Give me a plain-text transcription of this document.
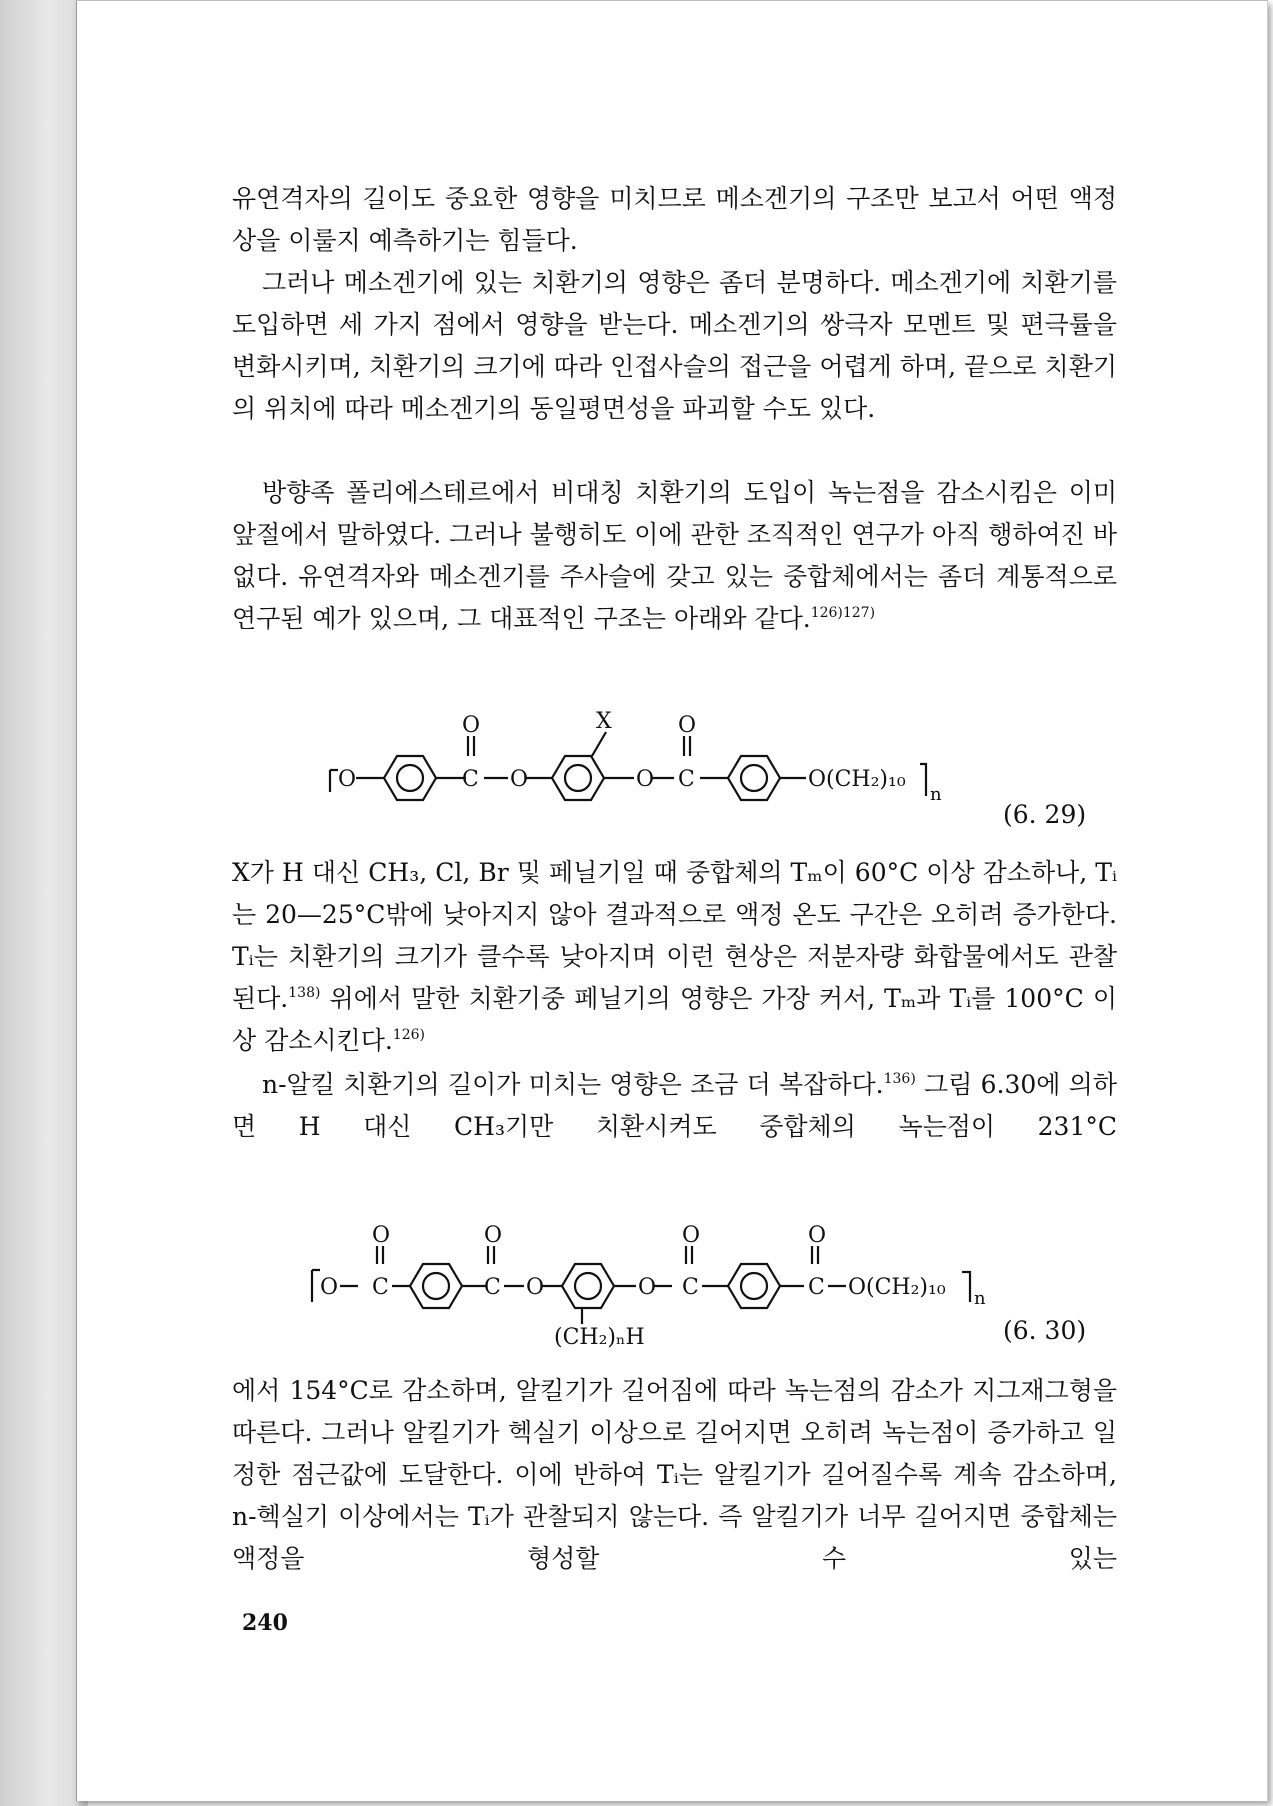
유연격자의 길이도 중요한 영향을 미치므로 메소겐기의 구조만 보고서 어떤 액정상을 이룰지 예측하기는 힘들다.

그러나 메소겐기에 있는 치환기의 영향은 좀더 분명하다. 메소겐기에 치환기를 도입하면 세 가지 점에서 영향을 받는다. 메소겐기의 쌍극자 모멘트 및 편극률을 변화시키며, 치환기의 크기에 따라 인접사슬의 접근을 어렵게 하며, 끝으로 치환기의 위치에 따라 메소겐기의 동일평면성을 파괴할 수도 있다.

방향족 폴리에스테르에서 비대칭 치환기의 도입이 녹는점을 감소시킴은 이미 앞절에서 말하였다. 그러나 불행히도 이에 관한 조직적인 연구가 아직 행하여진 바 없다. 유연격자와 메소겐기를 주사슬에 갖고 있는 중합체에서는 좀더 계통적으로 연구된 예가 있으며, 그 대표적인 구조는 아래와 같다.$^{126)127)}$

O	C
O
O
X
O C
O
O (CH₂)₁₀
n
(6. 29)

X가 H 대신 CH₃, Cl, Br 및 페닐기일 때 중합체의 Tₘ이 60°C 이상 감소하나, Tᵢ는 20—25°C밖에 낮아지지 않아 결과적으로 액정 온도 구간은 오히려 증가한다. Tᵢ는 치환기의 크기가 클수록 낮아지며 이런 현상은 저분자량 화합물에서도 관찰된다.$^{138)}$ 위에서 말한 치환기중 페닐기의 영향은 가장 커서, Tₘ과 Tᵢ를 100°C 이상 감소시킨다.$^{126)}$

n-알킬 치환기의 길이가 미치는 영향은 조금 더 복잡하다.$^{136)}$ 그림 6.30에 의하면 H 대신 CH₃기만 치환시켜도 중합체의 녹는점이 231°C

O C
O
C
O
O	O C
O
C
O
O (CH₂)₁₀ n
(CH₂)ₙH	(6. 30)

에서 154°C로 감소하며, 알킬기가 길어짐에 따라 녹는점의 감소가 지그재그형을 따른다. 그러나 알킬기가 헥실기 이상으로 길어지면 오히려 녹는점이 증가하고 일정한 점근값에 도달한다. 이에 반하여 Tᵢ는 알킬기가 길어질수록 계속 감소하며, n-헥실기 이상에서는 Tᵢ가 관찰되지 않는다. 즉 알킬기가 너무 길어지면 중합체는 액정을 형성할 수 있는

240
